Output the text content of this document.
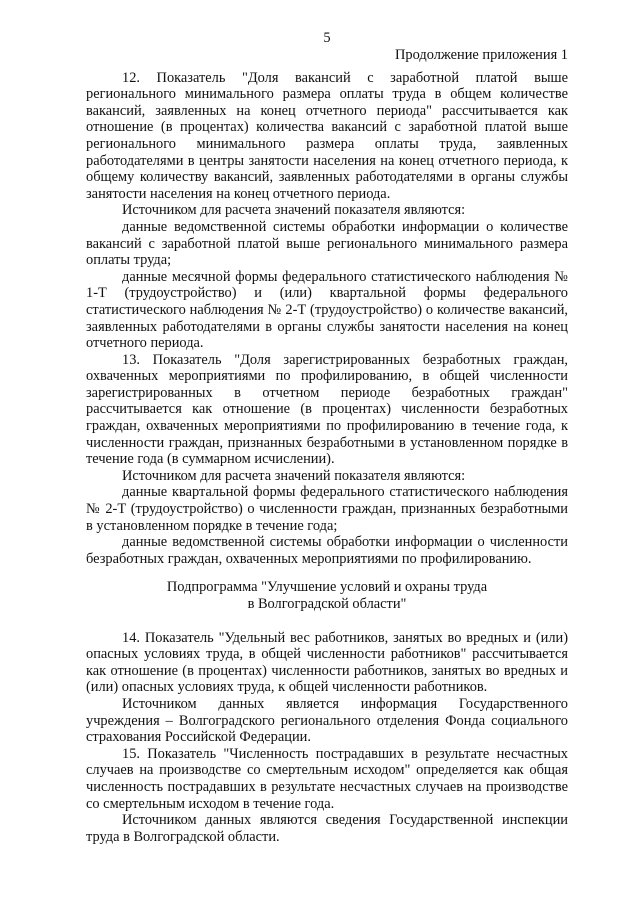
5
Продолжение приложения 1

12. Показатель "Доля вакансий с заработной платой выше регионального минимального размера оплаты труда в общем количестве вакансий, заявленных на конец отчетного периода" рассчитывается как отношение (в процентах) количества вакансий с заработной платой выше регионального минимального размера оплаты труда, заявленных работодателями в центры занятости населения на конец отчетного периода, к общему количеству вакансий, заявленных работодателями в органы службы занятости населения на конец отчетного периода.

Источником для расчета значений показателя являются:

данные ведомственной системы обработки информации о количестве вакансий с заработной платой выше регионального минимального размера оплаты труда;

данные месячной формы федерального статистического наблюдения № 1-Т (трудоустройство) и (или) квартальной формы федерального статистического наблюдения № 2-Т (трудоустройство) о количестве вакансий, заявленных работодателями в органы службы занятости населения на конец отчетного периода.

13. Показатель "Доля зарегистрированных безработных граждан, охваченных мероприятиями по профилированию, в общей численности зарегистрированных в отчетном периоде безработных граждан" рассчитывается как отношение (в процентах) численности безработных граждан, охваченных мероприятиями по профилированию в течение года, к численности граждан, признанных безработными в установленном порядке в течение года (в суммарном исчислении).

Источником для расчета значений показателя являются:

данные квартальной формы федерального статистического наблюдения № 2-Т (трудоустройство) о численности граждан, признанных безработными в установленном порядке в течение года;

данные ведомственной системы обработки информации о численности безработных граждан, охваченных мероприятиями по профилированию.

Подпрограмма "Улучшение условий и охраны труда
в Волгоградской области"

14. Показатель "Удельный вес работников, занятых во вредных и (или) опасных условиях труда, в общей численности работников" рассчитывается как отношение (в процентах) численности работников, занятых во вредных и (или) опасных условиях труда, к общей численности работников.

Источником данных является информация Государственного учреждения – Волгоградского регионального отделения Фонда социального страхования Российской Федерации.

15. Показатель "Численность пострадавших в результате несчастных случаев на производстве со смертельным исходом" определяется как общая численность пострадавших в результате несчастных случаев на производстве со смертельным исходом в течение года.

Источником данных являются сведения Государственной инспекции труда в Волгоградской области.
